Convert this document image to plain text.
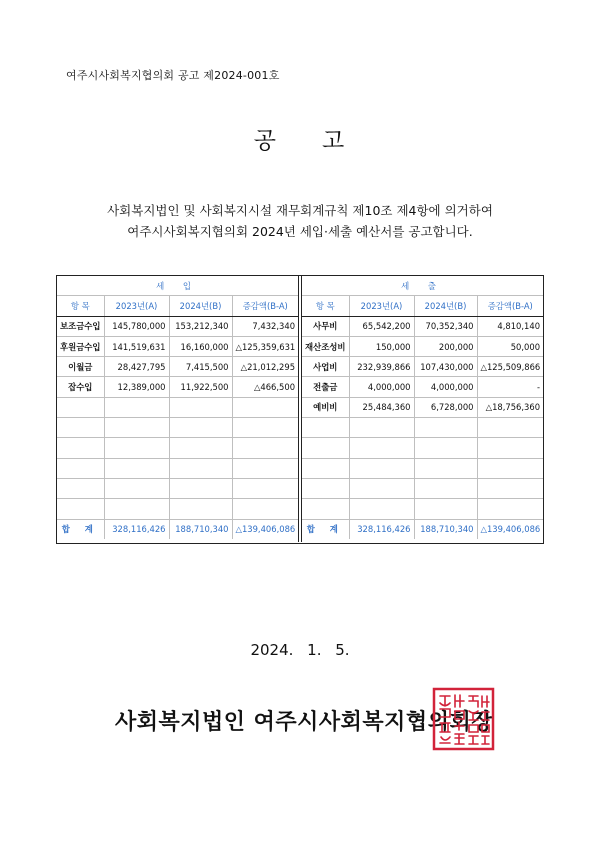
여주시사회복지협의회 공고 제2024-001호
공 고
사회복지법인 및 사회복지시설 재무회계규칙 제10조 제4항에 의거하여
여주시사회복지협의회 2024년 세입·세출 예산서를 공고합니다.
세 입			
항 목	2023년(A)	2024년(B)	증감액(B-A)
보조금수입	145,780,000	153,212,340	7,432,340
후원금수입	141,519,631	16,160,000	△125,359,631
이월금	28,427,795	7,415,500	△21,012,295
잡수입	12,389,000	11,922,500	△466,500

합 계	328,116,426	188,710,340	△139,406,086
세 출			
항 목	2023년(A)	2024년(B)	증감액(B-A)
사무비	65,542,200	70,352,340	4,810,140
재산조성비	150,000	200,000	50,000
사업비	232,939,866	107,430,000	△125,509,866
전출금	4,000,000	4,000,000	-
예비비	25,484,360	6,728,000	△18,756,360

합 계	328,116,426	188,710,340	△139,406,086
2024. 1. 5.
사회복지법인 여주시사회복지협의회장
